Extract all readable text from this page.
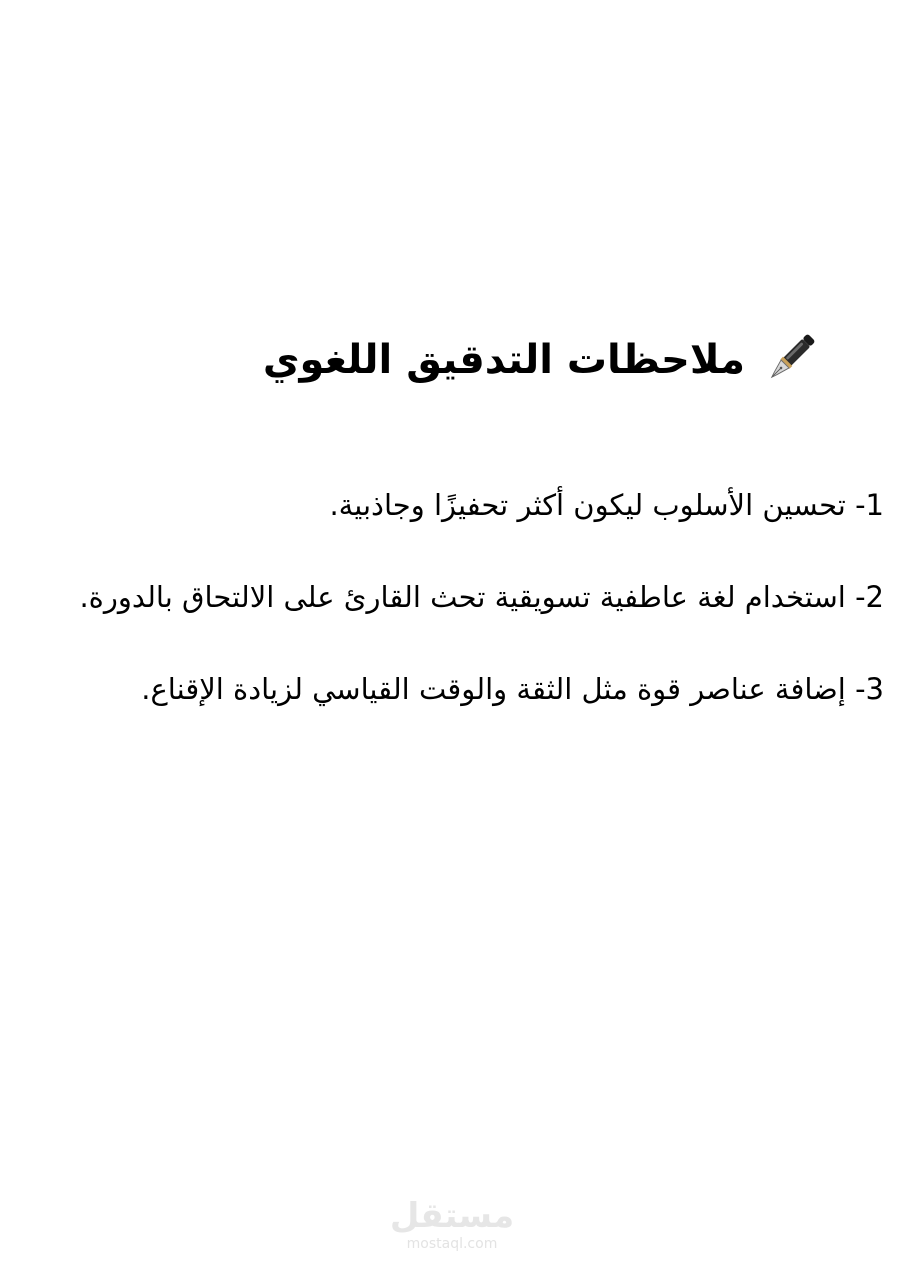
ملاحظات التدقيق اللغوي
1- تحسين الأسلوب ليكون أكثر تحفيزًا وجاذبية.
2- استخدام لغة عاطفية تسويقية تحث القارئ على الالتحاق بالدورة.
3- إضافة عناصر قوة مثل الثقة والوقت القياسي لزيادة الإقناع.
مستقل
mostaql.com
